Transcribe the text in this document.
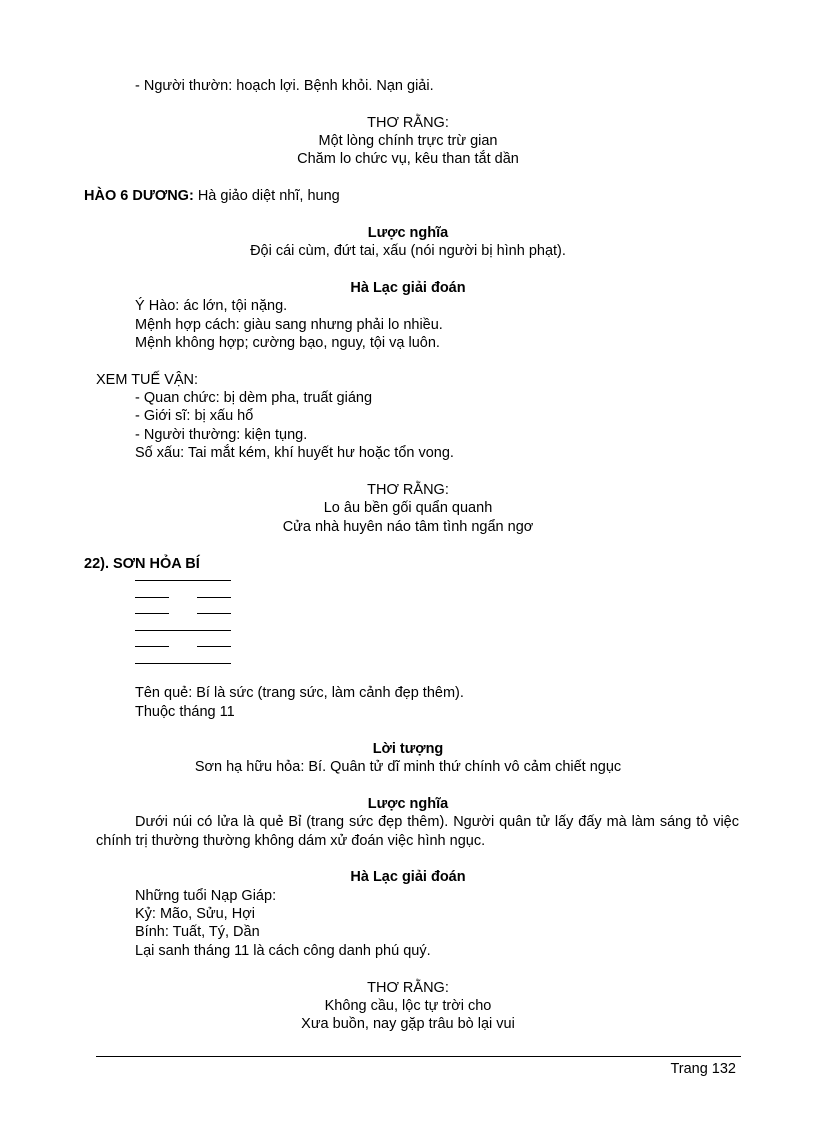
- Người thườn: hoạch lợi. Bệnh khỏi. Nạn giải.
THƠ RẰNG:
Một lòng chính trực trừ gian
Chăm lo chức vụ, kêu than tắt dần
HÀO 6 DƯƠNG: Hà giảo diệt nhĩ, hung
Lược nghĩa
Đội cái cùm, đứt tai, xấu (nói người bị hình phạt).
Hà Lạc giải đoán
Ý Hào: ác lớn, tội nặng.
Mệnh hợp cách: giàu sang nhưng phải lo nhiều.
Mệnh không hợp; cường bạo, nguy, tội vạ luôn.
XEM TUẾ VẬN:
- Quan chức: bị dèm pha, truất giáng
- Giới sĩ: bị xấu hổ
- Người thường: kiện tụng.
Số xấu: Tai mắt kém, khí huyết hư hoặc tổn vong.
THƠ RẰNG:
Lo âu bền gối quẩn quanh
Cửa nhà huyên náo tâm tình ngẩn ngơ
22). SƠN HỎA BÍ
Tên quẻ: Bí là sức (trang sức, làm cảnh đẹp thêm).
Thuộc tháng 11
Lời tượng
Sơn hạ hữu hỏa: Bí. Quân tử dĩ minh thứ chính vô cảm chiết ngục
Lược nghĩa
Dưới núi có lửa là quẻ Bỉ (trang sức đẹp thêm). Người quân tử lấy đấy mà làm sáng tỏ việc chính trị thường thường không dám xử đoán việc hình ngục.
Hà Lạc giải đoán
Những tuổi Nạp Giáp:
Kỷ: Mão, Sửu, Hợi
Bính: Tuất, Tý, Dần
Lại sanh tháng 11 là cách công danh phú quý.
THƠ RẰNG:
Không cầu, lộc tự trời cho
Xưa buồn, nay gặp trâu bò lại vui
Trang 132
